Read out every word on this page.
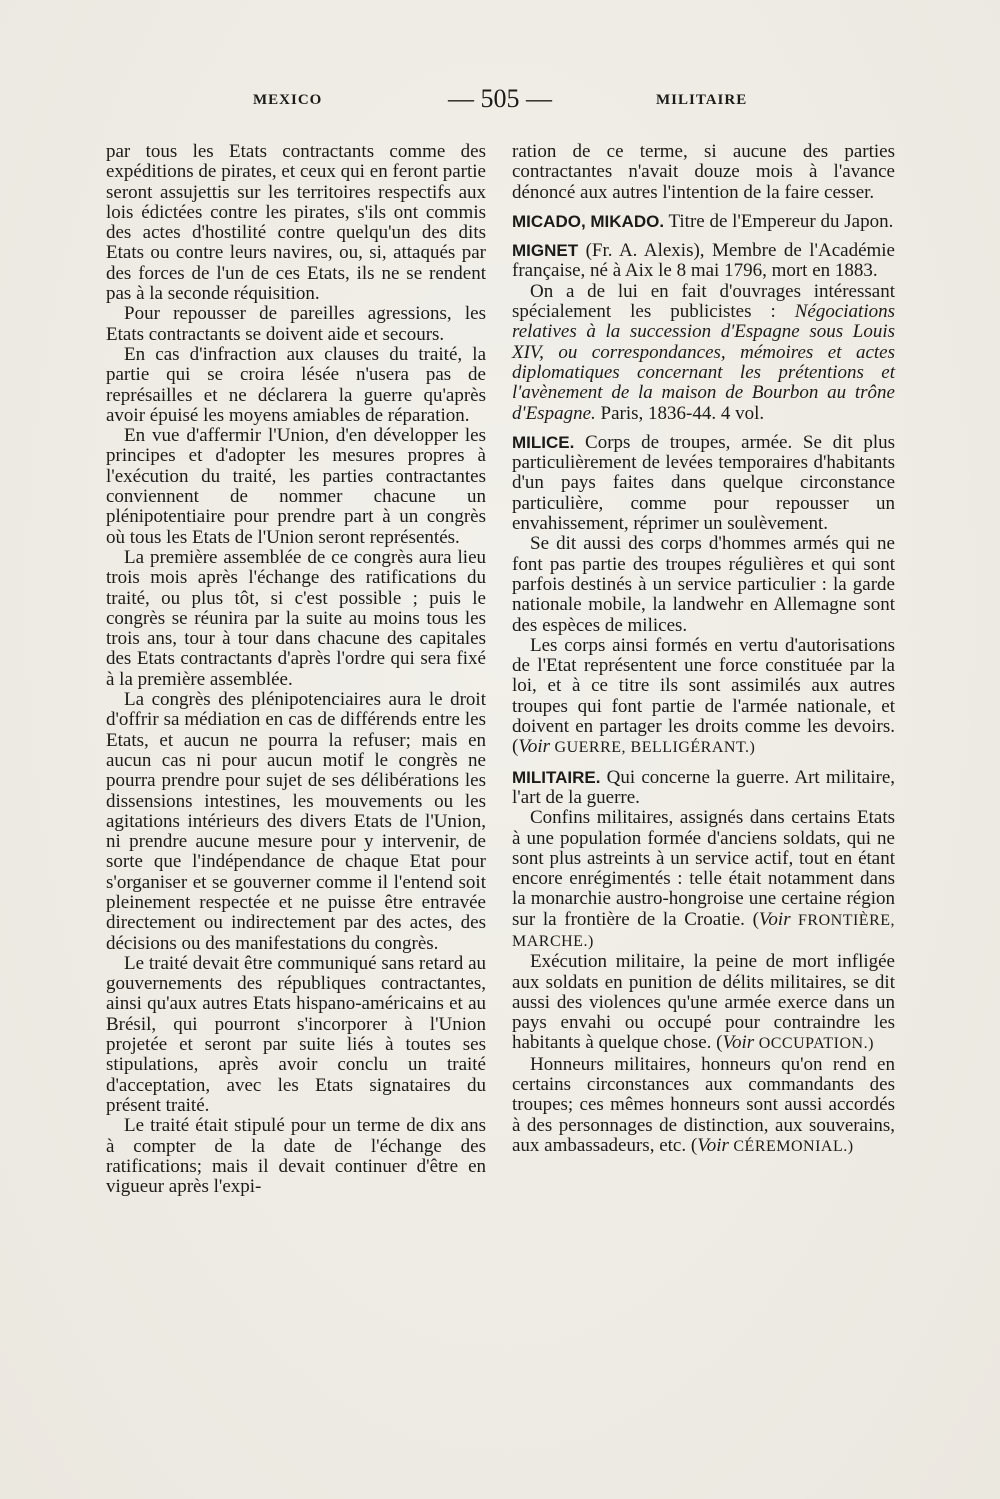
MEXICO	— 505 —	MILITAIRE

par tous les Etats contractants comme des expéditions de pirates, et ceux qui en feront partie seront assujettis sur les territoires respectifs aux lois édictées contre les pirates, s'ils ont commis des actes d'hostilité contre quelqu'un des dits Etats ou contre leurs navires, ou, si, attaqués par des forces de l'un de ces Etats, ils ne se rendent pas à la seconde réquisition.

Pour repousser de pareilles agressions, les Etats contractants se doivent aide et secours.

En cas d'infraction aux clauses du traité, la partie qui se croira lésée n'usera pas de représailles et ne déclarera la guerre qu'après avoir épuisé les moyens amiables de réparation.

En vue d'affermir l'Union, d'en développer les principes et d'adopter les mesures propres à l'exécution du traité, les parties contractantes conviennent de nommer chacune un plénipotentiaire pour prendre part à un congrès où tous les Etats de l'Union seront représentés.

La première assemblée de ce congrès aura lieu trois mois après l'échange des ratifications du traité, ou plus tôt, si c'est possible ; puis le congrès se réunira par la suite au moins tous les trois ans, tour à tour dans chacune des capitales des Etats contractants d'après l'ordre qui sera fixé à la première assemblée.

La congrès des plénipotenciaires aura le droit d'offrir sa médiation en cas de différends entre les Etats, et aucun ne pourra la refuser; mais en aucun cas ni pour aucun motif le congrès ne pourra prendre pour sujet de ses délibérations les dissensions intestines, les mouvements ou les agitations intérieurs des divers Etats de l'Union, ni prendre aucune mesure pour y intervenir, de sorte que l'indépendance de chaque Etat pour s'organiser et se gouverner comme il l'entend soit pleinement respectée et ne puisse être entravée directement ou indirectement par des actes, des décisions ou des manifestations du congrès.

Le traité devait être communiqué sans retard au gouvernements des républiques contractantes, ainsi qu'aux autres Etats hispano-américains et au Brésil, qui pourront s'incorporer à l'Union projetée et seront par suite liés à toutes ses stipulations, après avoir conclu un traité d'acceptation, avec les Etats signataires du présent traité.

Le traité était stipulé pour un terme de dix ans à compter de la date de l'échange des ratifications; mais il devait continuer d'être en vigueur après l'expi-

ration de ce terme, si aucune des parties contractantes n'avait douze mois à l'avance dénoncé aux autres l'intention de la faire cesser.

MICADO, MIKADO. Titre de l'Empereur du Japon.

MIGNET (Fr. A. Alexis), Membre de l'Académie française, né à Aix le 8 mai 1796, mort en 1883.

On a de lui en fait d'ouvrages intéressant spécialement les publicistes : Négociations relatives à la succession d'Espagne sous Louis XIV, ou correspondances, mémoires et actes diplomatiques concernant les prétentions et l'avènement de la maison de Bourbon au trône d'Espagne. Paris, 1836-44. 4 vol.

MILICE. Corps de troupes, armée. Se dit plus particulièrement de levées temporaires d'habitants d'un pays faites dans quelque circonstance particulière, comme pour repousser un envahissement, réprimer un soulèvement.

Se dit aussi des corps d'hommes armés qui ne font pas partie des troupes régulières et qui sont parfois destinés à un service particulier : la garde nationale mobile, la landwehr en Allemagne sont des espèces de milices.

Les corps ainsi formés en vertu d'autorisations de l'Etat représentent une force constituée par la loi, et à ce titre ils sont assimilés aux autres troupes qui font partie de l'armée nationale, et doivent en partager les droits comme les devoirs. (Voir GUERRE, BELLIGÉRANT.)

MILITAIRE. Qui concerne la guerre. Art militaire, l'art de la guerre.

Confins militaires, assignés dans certains Etats à une population formée d'anciens soldats, qui ne sont plus astreints à un service actif, tout en étant encore enrégimentés : telle était notamment dans la monarchie austro-hongroise une certaine région sur la frontière de la Croatie. (Voir FRONTIÈRE, MARCHE.)

Exécution militaire, la peine de mort infligée aux soldats en punition de délits militaires, se dit aussi des violences qu'une armée exerce dans un pays envahi ou occupé pour contraindre les habitants à quelque chose. (Voir OCCUPATION.)

Honneurs militaires, honneurs qu'on rend en certains circonstances aux commandants des troupes; ces mêmes honneurs sont aussi accordés à des personnages de distinction, aux souverains, aux ambassadeurs, etc. (Voir CÉREMONIAL.)
